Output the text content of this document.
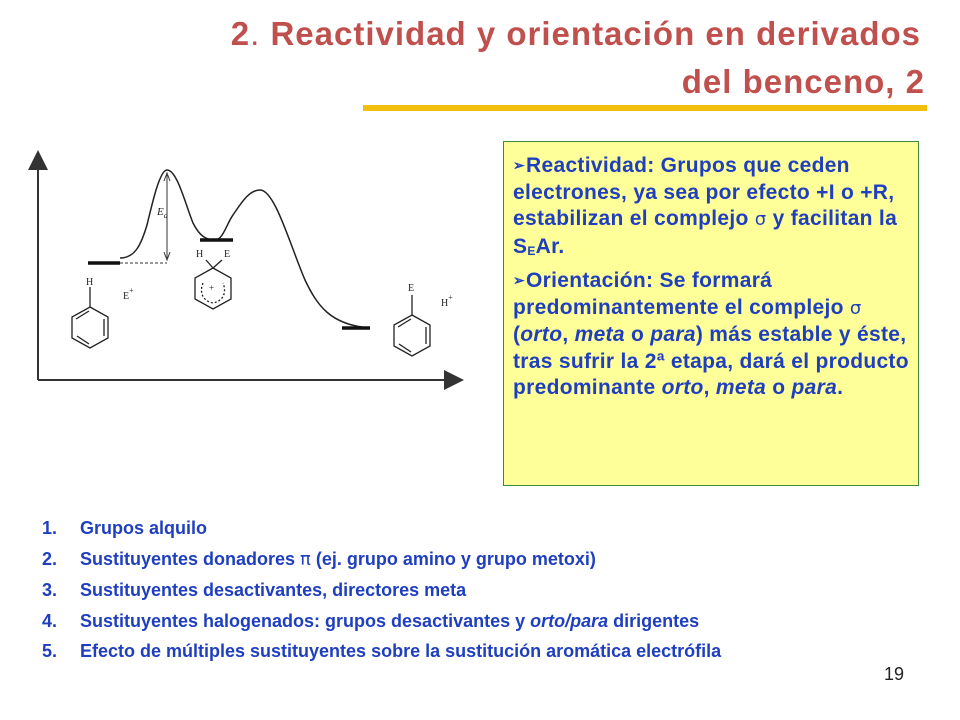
2. Reactividad y orientación en derivados
del benceno, 2
$E_a$
H
E+
H E
+	E
H+

➢Reactividad: Grupos que ceden electrones, ya sea por efecto +I o +R, estabilizan el complejo σ y facilitan la $S_EAr$.

➢Orientación: Se formará predominantemente el complejo σ (orto, meta o para) más estable y éste, tras sufrir la 2ª etapa, dará el producto predominante orto, meta o para.

1. Grupos alquilo
2. Sustituyentes donadores π (ej. grupo amino y grupo metoxi)
3. Sustituyentes desactivantes, directores meta
4. Sustituyentes halogenados: grupos desactivantes y orto/para dirigentes
5. Efecto de múltiples sustituyentes sobre la sustitución aromática electrófila
19
